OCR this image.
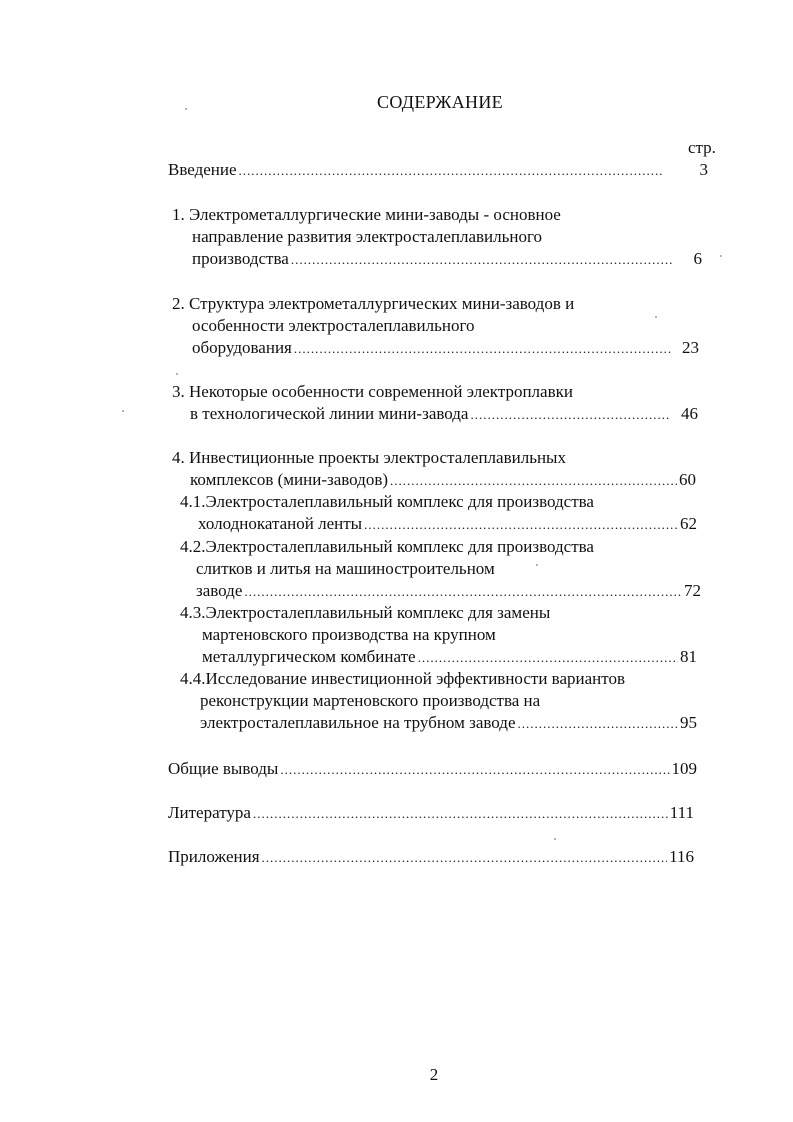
СОДЕРЖАНИЕ
стр.
Введение .....	3
1. Электрометаллургические мини-заводы - основное
направление развития электросталеплавильного
производства .....	6
2. Структура электрометаллургических мини-заводов и
особенности электросталеплавильного
оборудования .....	23
3. Некоторые особенности современной электроплавки
в технологической линии мини-завода .....	46
4. Инвестиционные проекты электросталеплавильных
комплексов (мини-заводов) .....	60
4.1.Электросталеплавильный комплекс для производства
холоднокатаной ленты .....	62
4.2.Электросталеплавильный комплекс для производства
слитков и литья на машиностроительном
заводе .....	72
4.3.Электросталеплавильный комплекс для замены
мартеновского производства на крупном
металлургическом комбинате .....	81
4.4.Исследование инвестиционной эффективности вариантов
реконструкции мартеновского производства на
электросталеплавильное на трубном заводе .....	95
Общие выводы .....	109
Литература .....	111
Приложения .....	116
2
